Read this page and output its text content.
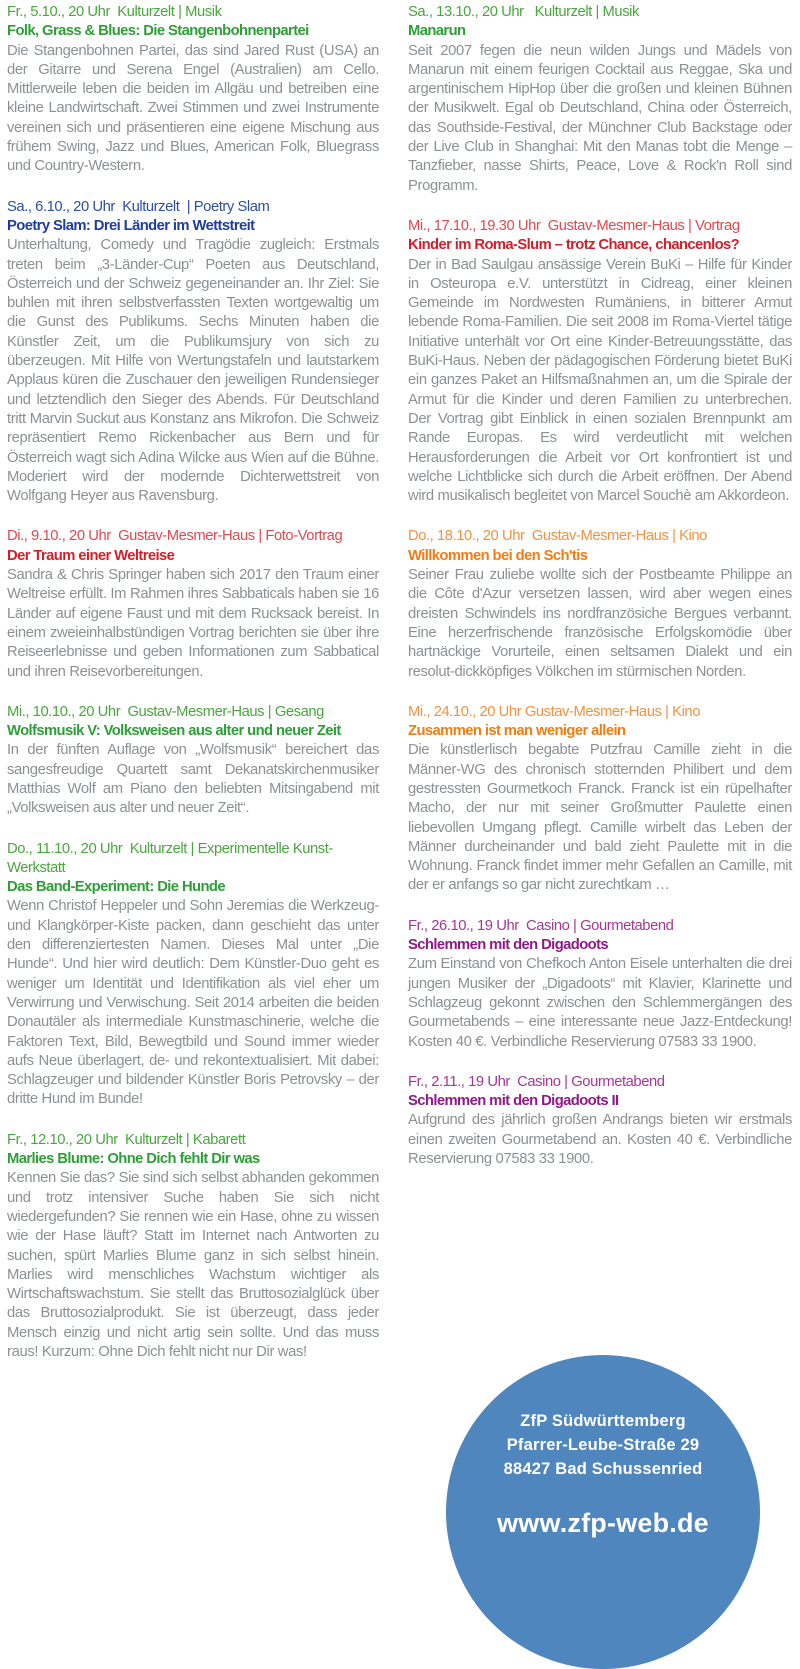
Fr., 5.10., 20 Uhr  Kulturzelt | Musik
Folk, Grass & Blues: Die Stangenbohnenpartei

Die Stangenbohnen Partei, das sind Jared Rust (USA) an der Gitarre und Serena Engel (Australien) am Cello. Mittlerweile leben die beiden im Allgäu und betreiben eine kleine Landwirtschaft. Zwei Stimmen und zwei Instrumente vereinen sich und präsentieren eine eigene Mischung aus frühem Swing, Jazz und Blues, American Folk, Bluegrass und Country-Western.

Sa., 6.10., 20 Uhr  Kulturzelt  | Poetry Slam
Poetry Slam: Drei Länder im Wettstreit

Unterhaltung, Comedy und Tragödie zugleich: Erstmals treten beim „3-Länder-Cup“ Poeten aus Deutschland, Österreich und der Schweiz gegeneinander an. Ihr Ziel: Sie buhlen mit ihren selbstverfassten Texten wortgewaltig um die Gunst des Publikums. Sechs Minuten haben die Künstler Zeit, um die Publikumsjury von sich zu überzeugen. Mit Hilfe von Wertungstafeln und lautstarkem Applaus küren die Zuschauer den jeweiligen Rundensieger und letztendlich den Sieger des Abends. Für Deutschland tritt Marvin Suckut aus Konstanz ans Mikrofon. Die Schweiz repräsentiert Remo Rickenbacher aus Bern und für Österreich wagt sich Adina Wilcke aus Wien auf die Bühne. Moderiert wird der modernde Dichterwettstreit von Wolfgang Heyer aus Ravensburg.

Di., 9.10., 20 Uhr  Gustav-Mesmer-Haus | Foto-Vortrag
Der Traum einer Weltreise

Sandra & Chris Springer haben sich 2017 den Traum einer Weltreise erfüllt. Im Rahmen ihres Sabbaticals haben sie 16 Länder auf eigene Faust und mit dem Rucksack bereist. In einem zweieinhalbstündigen Vortrag berichten sie über ihre Reiseerlebnisse und geben Informationen zum Sabbatical und ihren Reisevorbereitungen.

Mi., 10.10., 20 Uhr  Gustav-Mesmer-Haus | Gesang
Wolfsmusik V: Volksweisen aus alter und neuer Zeit

In der fünften Auflage von „Wolfsmusik“ bereichert das sangesfreudige Quartett samt Dekanatskirchenmusiker Matthias Wolf am Piano den beliebten Mitsingabend mit „Volksweisen aus alter und neuer Zeit“.

Do., 11.10., 20 Uhr  Kulturzelt | Experimentelle Kunst-Werkstatt
Das Band-Experiment: Die Hunde

Wenn Christof Heppeler und Sohn Jeremias die Werkzeug- und Klangkörper-Kiste packen, dann geschieht das unter den differenziertesten Namen. Dieses Mal unter „Die Hunde“. Und hier wird deutlich: Dem Künstler-Duo geht es weniger um Identität und Identifikation als viel eher um Verwirrung und Verwischung. Seit 2014 arbeiten die beiden Donautäler als intermediale Kunstmaschinerie, welche die Faktoren Text, Bild, Bewegtbild und Sound immer wieder aufs Neue überlagert, de- und rekontextualisiert. Mit dabei: Schlagzeuger und bildender Künstler Boris Petrovsky – der dritte Hund im Bunde!

Fr., 12.10., 20 Uhr  Kulturzelt | Kabarett
Marlies Blume: Ohne Dich fehlt Dir was

Kennen Sie das? Sie sind sich selbst abhanden gekommen und trotz intensiver Suche haben Sie sich nicht wiedergefunden? Sie rennen wie ein Hase, ohne zu wissen wie der Hase läuft? Statt im Internet nach Antworten zu suchen, spürt Marlies Blume ganz in sich selbst hinein. Marlies wird menschliches Wachstum wichtiger als Wirtschaftswachstum. Sie stellt das Bruttosozialglück über das Bruttosozialprodukt. Sie ist überzeugt, dass jeder Mensch einzig und nicht artig sein sollte. Und das muss raus! Kurzum: Ohne Dich fehlt nicht nur Dir was!

Sa., 13.10., 20 Uhr   Kulturzelt | Musik
Manarun

Seit 2007 fegen die neun wilden Jungs und Mädels von Manarun mit einem feurigen Cocktail aus Reggae, Ska und argentinischem HipHop über die großen und kleinen Bühnen der Musikwelt. Egal ob Deutschland, China oder Österreich, das Southside-Festival, der Münchner Club Backstage oder der Live Club in Shanghai: Mit den Manas tobt die Menge – Tanzfieber, nasse Shirts, Peace, Love & Rock'n Roll sind Programm.

Mi., 17.10., 19.30 Uhr  Gustav-Mesmer-Haus | Vortrag
Kinder im Roma-Slum – trotz Chance, chancenlos?

Der in Bad Saulgau ansässige Verein BuKi – Hilfe für Kinder in Osteuropa e.V. unterstützt in Cidreag, einer kleinen Gemeinde im Nordwesten Rumäniens, in bitterer Armut lebende Roma-Familien. Die seit 2008 im Roma-Viertel tätige Initiative unterhält vor Ort eine Kinder-Betreuungsstätte, das BuKi-Haus. Neben der pädagogischen Förderung bietet BuKi ein ganzes Paket an Hilfsmaßnahmen an, um die Spirale der Armut für die Kinder und deren Familien zu unterbrechen. Der Vortrag gibt Einblick in einen sozialen Brennpunkt am Rande Europas. Es wird verdeutlicht mit welchen Herausforderungen die Arbeit vor Ort konfrontiert ist und welche Lichtblicke sich durch die Arbeit eröffnen. Der Abend wird musikalisch begleitet von Marcel Souchè am Akkordeon.

Do., 18.10., 20 Uhr  Gustav-Mesmer-Haus | Kino
Willkommen bei den Sch'tis

Seiner Frau zuliebe wollte sich der Postbeamte Philippe an die Côte d'Azur versetzen lassen, wird aber wegen eines dreisten Schwindels ins nordfranzösiche Bergues verbannt. Eine herzerfrischende französische Erfolgskomödie über hartnäckige Vorurteile, einen seltsamen Dialekt und ein resolut-dickköpfiges Völkchen im stürmischen Norden.

Mi., 24.10., 20 Uhr Gustav-Mesmer-Haus | Kino
Zusammen ist man weniger allein

Die künstlerlisch begabte Putzfrau Camille zieht in die Männer-WG des chronisch stotternden Philibert und dem gestressten Gourmetkoch Franck. Franck ist ein rüpelhafter Macho, der nur mit seiner Großmutter Paulette einen liebevollen Umgang pflegt. Camille wirbelt das Leben der Männer durcheinander und bald zieht Paulette mit in die Wohnung. Franck findet immer mehr Gefallen an Camille, mit der er anfangs so gar nicht zurechtkam …

Fr., 26.10., 19 Uhr  Casino | Gourmetabend
Schlemmen mit den Digadoots

Zum Einstand von Chefkoch Anton Eisele unterhalten die drei jungen Musiker der „Digadoots“ mit Klavier, Klarinette und Schlagzeug gekonnt zwischen den Schlemmergängen des Gourmetabends – eine interessante neue Jazz-Entdeckung! Kosten 40 €. Verbindliche Reservierung 07583 33 1900.

Fr., 2.11., 19 Uhr  Casino | Gourmetabend
Schlemmen mit den Digadoots II

Aufgrund des jährlich großen Andrangs bieten wir erstmals einen zweiten Gourmetabend an. Kosten 40 €. Verbindliche Reservierung 07583 33 1900.

ZfP Südwürttemberg
Pfarrer-Leube-Straße 29
88427 Bad Schussenried
www.zfp-web.de
